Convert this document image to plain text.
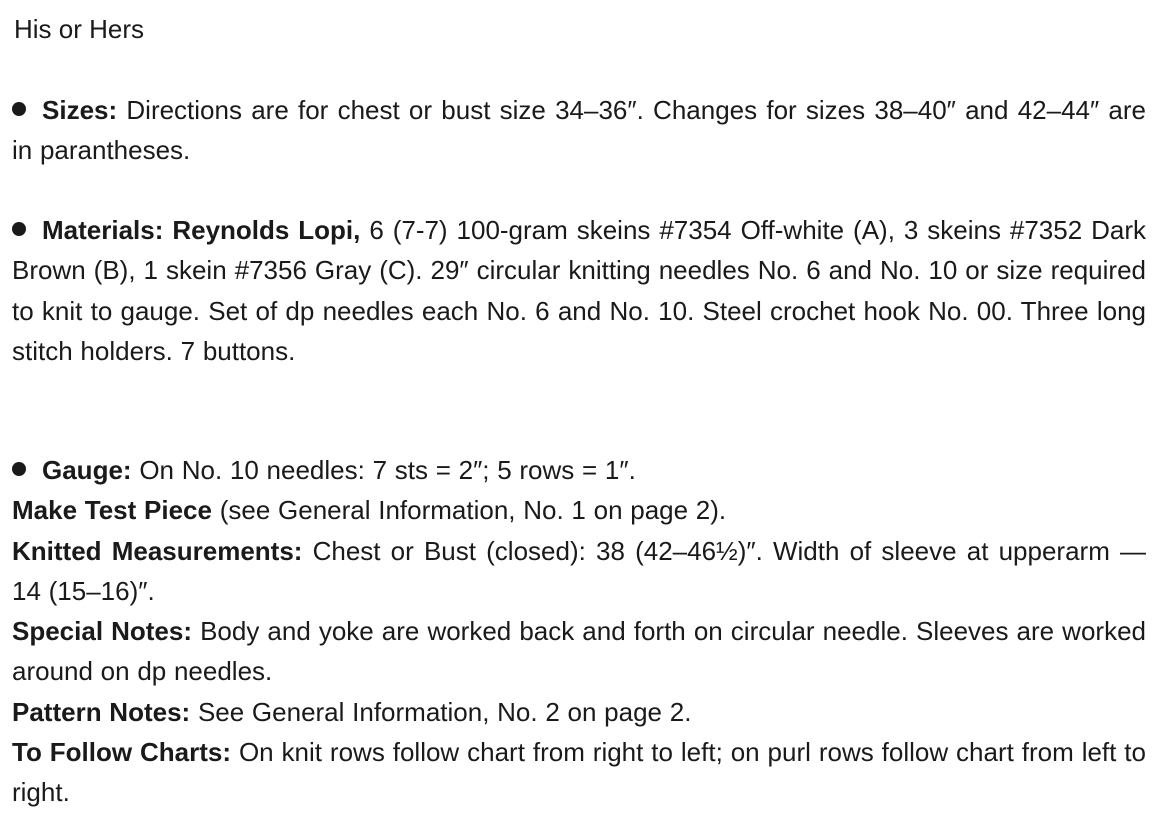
His or Hers
Sizes: Directions are for chest or bust size 34–36″. Changes for sizes 38–40″ and 42–44″ are in parantheses.
Materials: Reynolds Lopi, 6 (7-7) 100-gram skeins #7354 Off-white (A), 3 skeins #7352 Dark Brown (B), 1 skein #7356 Gray (C). 29″ circular knitting needles No. 6 and No. 10 or size required to knit to gauge. Set of dp needles each No. 6 and No. 10. Steel crochet hook No. 00. Three long stitch holders. 7 buttons.
Gauge: On No. 10 needles: 7 sts = 2″; 5 rows = 1″.
Make Test Piece (see General Information, No. 1 on page 2).
Knitted Measurements: Chest or Bust (closed): 38 (42–46½)″. Width of sleeve at upperarm — 14 (15–16)″.
Special Notes: Body and yoke are worked back and forth on circular needle. Sleeves are worked around on dp needles.
Pattern Notes: See General Information, No. 2 on page 2.
To Follow Charts: On knit rows follow chart from right to left; on purl rows follow chart from left to right.
